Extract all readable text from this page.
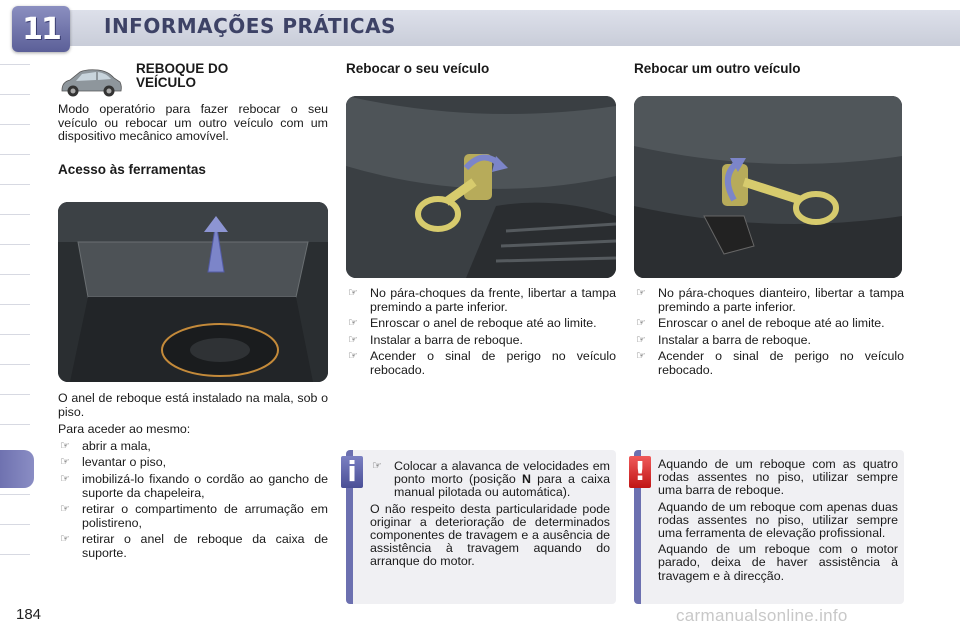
11 INFORMAÇÕES PRÁTICAS
REBOQUE DO VEÍCULO

Modo operatório para fazer rebocar o seu veículo ou rebocar um outro veículo com um dispositivo mecânico amovível.

Acesso às ferramentas

O anel de reboque está instalado na mala, sob o piso.

Para aceder ao mesmo:

☞ abrir a mala,
☞ levantar o piso,
☞ imobilizá-lo fixando o cordão ao gancho de suporte da chapeleira,
☞ retirar o compartimento de arrumação em polistireno,
☞ retirar o anel de reboque da caixa de suporte.

Rebocar o seu veículo

☞ No pára-choques da frente, libertar a tampa premindo a parte inferior.
☞ Enroscar o anel de reboque até ao limite.
☞ Instalar a barra de reboque.
☞ Acender o sinal de perigo no veículo rebocado.
i	☞ Colocar a alavanca de velocidades em ponto morto (posição N para a caixa manual pilotada ou automática).

O não respeito desta particularidade pode originar a deterioração de determinados componentes de travagem e a ausência de assistência à travagem aquando do arranque do motor.

Rebocar um outro veículo

☞ No pára-choques dianteiro, libertar a tampa premindo a parte inferior.
☞ Enroscar o anel de reboque até ao limite.
☞ Instalar a barra de reboque.
☞ Acender o sinal de perigo no veículo rebocado.
! Aquando de um reboque com as quatro rodas assentes no piso, utilizar sempre uma barra de reboque.

Aquando de um reboque com apenas duas rodas assentes no piso, utilizar sempre uma ferramenta de elevação profissional.

Aquando de um reboque com o motor parado, deixa de haver assistência à travagem e à direcção.

184	carmanualsonline.info
